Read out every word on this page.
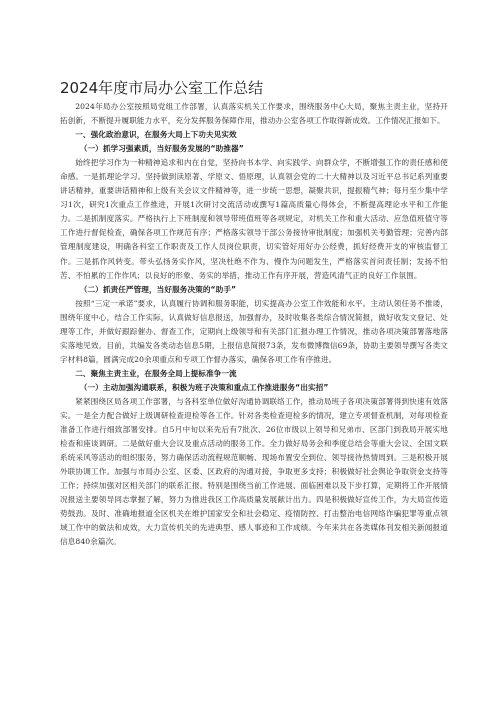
2024年度市局办公室工作总结

2024年局办公室按照局党组工作部署，认真落实机关工作要求，围绕服务中心大局，聚焦主责主业，坚持开拓创新，不断提升履职能力水平，充分发挥服务保障作用，推动办公室各项工作取得新成效。工作情况汇报如下。

一、强化政治意识，在服务大局上下功夫见实效

（一）抓学习强素质，当好服务发展的“助推器”

始终把学习作为一种精神追求和内在自觉，坚持向书本学、向实践学、向群众学，不断增强工作的责任感和使命感。一是抓理论学习。坚持做到读原著、学原文、悟原理，认真领会党的二十大精神以及习近平总书记系列重要讲话精神，重要讲话精神和上级有关会议文件精神等，进一步统一思想，凝聚共识，提振精气神；每月至少集中学习1次，研究1次重点工作推进，开展1次研讨交流活动或撰写1篇高质量心得体会，不断提高理论水平和工作能力。二是抓制度落实。严格执行上下班制度和领导带班值班等各项规定，对机关工作和重大活动、应急值班值守等工作进行督促检查，确保各项工作规范有序；严格落实领导干部公务接待审批制度；加强机关考勤管理；完善内部管理制度建设，明确各科室工作职责及工作人员岗位职责，切实管好用好办公经费，抓好经费开支的审核监督工作。三是抓作风转变。带头弘扬务实作风，坚决杜绝不作为、慢作为问题发生，严格落实首问责任制；发扬不怕苦、不怕累的工作作风；以良好的形象、务实的举措，推动工作有序开展，营造风清气正的良好工作氛围。

（二）抓责任严管理，当好服务决策的“助手”

按照“三定一承诺”要求，认真履行协调和服务职能，切实提高办公室工作效能和水平。主动认领任务不推诿，围绕年度中心，结合工作实际，认真做好信息报送，加强督办，及时收集各类综合情况简报，做好收发文登记、处理等工作，并做好跟踪催办、督查工作，定期向上级领导和有关部门汇报办理工作情况，推动各项决策部署落地落实落地见效。目前，共编发各类动态信息5期，上报信息简报73条，发布微博微信69条，协助主要领导撰写各类文字材料8篇，圆满完成20余项重点和专项工作督办落实，确保各项工作有序推进。

二、聚焦主责主业，在服务全局上提标准争一流

（一）主动加强沟通联系，积极为班子决策和重点工作推进服务“出实招”

紧紧围绕区局各项工作部署，与各科室单位做好沟通协调联络工作，推动局班子各项决策部署得到快速有效落实。一是全力配合做好上级调研检查迎检等各工作。针对各类检查迎检多的情况，建立专项督查机制，对每项检查准备工作进行细致部署安排。自5月中旬以来先后有7批次、26位市级以上领导和兄弟市、区部门到我局开展实地检查和座谈调研。二是做好重大会议及重点活动的服务工作。全力做好局务会和季度总结会等重大会议、全国文联系统采风等活动的组织服务，努力确保活动流程规范顺畅、现场布置安全到位、领导接待热情周到。三是积极开展外联协调工作。加强与市局办公室、区委、区政府的沟通对接，争取更多支持；积极做好社会舆论争取资金支持等工作；持续加强对区相关部门的联系汇报。特别是围绕当前工作进展、面临困难以及下步打算，定期将工作开展情况报送主要领导同志掌握了解，努力为推进我区工作高质量发展献计出力。四是积极做好宣传工作，为大局宣传造势鼓劲。及时、准确地报道全区机关在维护国家安全和社会稳定、疫情防控、打击整治电信网络诈骗犯罪等重点领域工作中的做法和成效，大力宣传机关的先进典型、感人事迹和工作成绩。今年来共在各类媒体刊发相关新闻报道信息840余篇次。
